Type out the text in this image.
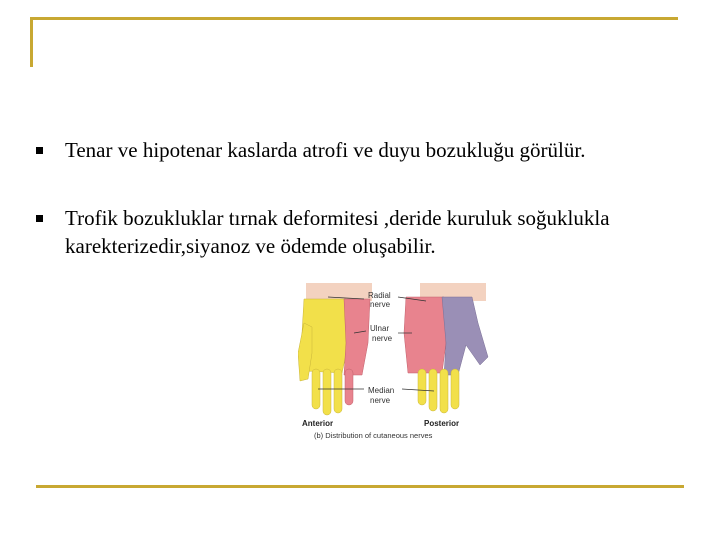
Tenar ve hipotenar kaslarda atrofi ve duyu bozukluğu görülür.
Trofik bozukluklar tırnak deformitesi ,deride kuruluk soğuklukla karekterizedir,siyanoz ve ödemde oluşabilir.
Radial
nerve
Ulnar
nerve
Median
nerve
Anterior	Posterior
(b) Distribution of cutaneous nerves
